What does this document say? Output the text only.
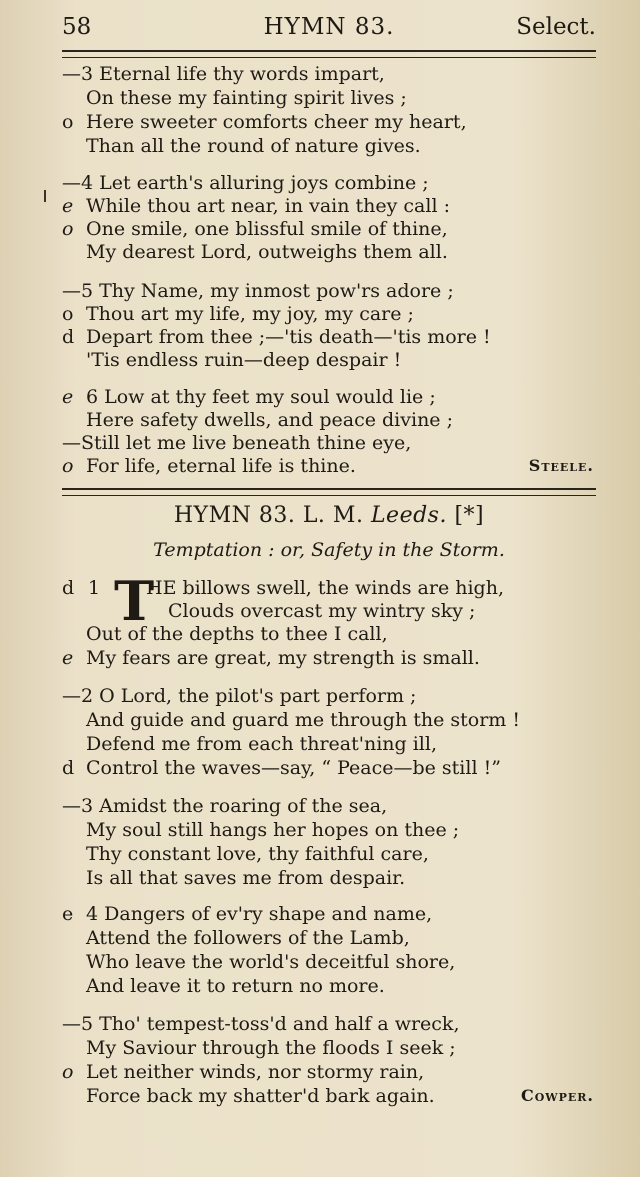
58	HYMN 83.	Select.
—3 Eternal life thy words impart,
On these my fainting spirit lives ;
o Here sweeter comforts cheer my heart,
Than all the round of nature gives.
—4 Let earth's alluring joys combine ;
e While thou art near, in vain they call :
o One smile, one blissful smile of thine,
My dearest Lord, outweighs them all.
—5 Thy Name, my inmost pow'rs adore ;
o Thou art my life, my joy, my care ;
d Depart from thee ;—'tis death—'tis more !
'Tis endless ruin—deep despair !
e 6 Low at thy feet my soul would lie ;
Here safety dwells, and peace divine ;
—Still let me live beneath thine eye,
o For life, eternal life is thine.	Steele.
HYMN 83. L. M. Leeds. [*]
Temptation : or, Safety in the Storm.
d 1 T
HE billows swell, the winds are high,
Clouds overcast my wintry sky ;
Out of the depths to thee I call,
e My fears are great, my strength is small.
—2 O Lord, the pilot's part perform ;
And guide and guard me through the storm !
Defend me from each threat'ning ill,
d Control the waves—say, “ Peace—be still !”
—3 Amidst the roaring of the sea,
My soul still hangs her hopes on thee ;
Thy constant love, thy faithful care,
Is all that saves me from despair.
e 4 Dangers of ev'ry shape and name,
Attend the followers of the Lamb,
Who leave the world's deceitful shore,
And leave it to return no more.
—5 Tho' tempest-toss'd and half a wreck,
My Saviour through the floods I seek ;
o Let neither winds, nor stormy rain,
Force back my shatter'd bark again.	Cowper.
